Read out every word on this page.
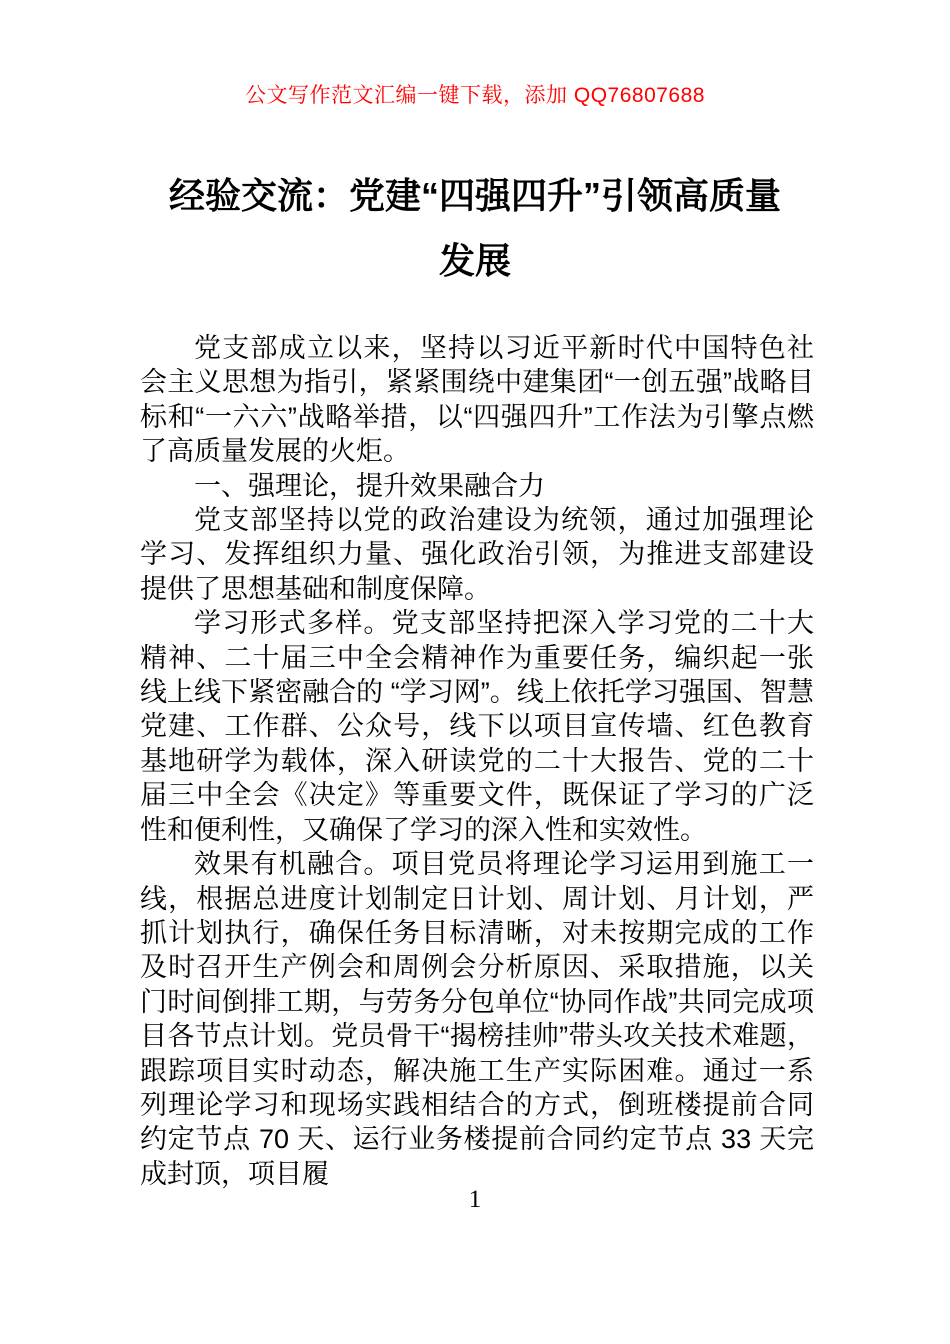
公文写作范文汇编一键下载，添加 QQ76807688
经验交流：党建“四强四升”引领高质量
发展

党支部成立以来，坚持以习近平新时代中国特色社会主义思想为指引，紧紧围绕中建集团“一创五强”战略目标和“一六六”战略举措，以“四强四升”工作法为引擎点燃了高质量发展的火炬。

一、强理论，提升效果融合力

党支部坚持以党的政治建设为统领，通过加强理论学习、发挥组织力量、强化政治引领，为推进支部建设提供了思想基础和制度保障。

学习形式多样。党支部坚持把深入学习党的二十大精神、二十届三中全会精神作为重要任务，编织起一张线上线下紧密融合的 “学习网”。线上依托学习强国、智慧党建、工作群、公众号，线下以项目宣传墙、红色教育基地研学为载体，深入研读党的二十大报告、党的二十届三中全会《决定》等重要文件，既保证了学习的广泛性和便利性，又确保了学习的深入性和实效性。

效果有机融合。项目党员将理论学习运用到施工一线，根据总进度计划制定日计划、周计划、月计划，严抓计划执行，确保任务目标清晰，对未按期完成的工作及时召开生产例会和周例会分析原因、采取措施，以关门时间倒排工期，与劳务分包单位“协同作战”共同完成项目各节点计划。党员骨干“揭榜挂帅”带头攻关技术难题，跟踪项目实时动态，解决施工生产实际困难。通过一系列理论学习和现场实践相结合的方式，倒班楼提前合同约定节点 70 天、运行业务楼提前合同约定节点 33 天完成封顶，项目履

1
